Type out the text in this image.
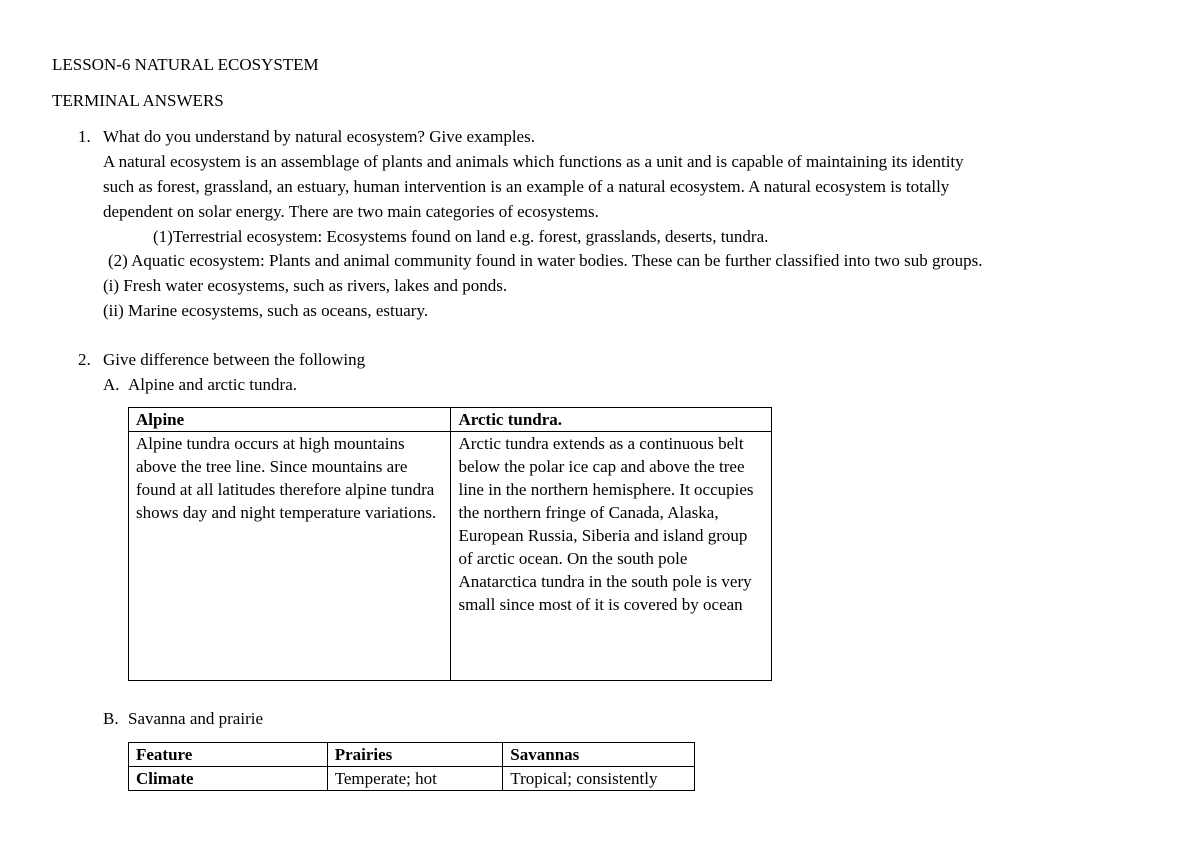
LESSON-6 NATURAL ECOSYSTEM
TERMINAL ANSWERS
1. What do you understand by natural ecosystem? Give examples.
A natural ecosystem is an assemblage of plants and animals which functions as a unit and is capable of maintaining its identity
such as forest, grassland, an estuary, human intervention is an example of a natural ecosystem. A natural ecosystem is totally
dependent on solar energy. There are two main categories of ecosystems.
(1)Terrestrial ecosystem: Ecosystems found on land e.g. forest, grasslands, deserts, tundra.
(2) Aquatic ecosystem: Plants and animal community found in water bodies. These can be further classified into two sub groups.
(i) Fresh water ecosystems, such as rivers, lakes and ponds.
(ii) Marine ecosystems, such as oceans, estuary.
2. Give difference between the following
A. Alpine and arctic tundra.
Alpine	Arctic tundra.

Alpine tundra occurs at high mountains above the tree line. Since mountains are found at all latitudes therefore alpine tundra shows day and night temperature variations.	Arctic tundra extends as a continuous belt below the polar ice cap and above the tree line in the northern hemisphere. It occupies the northern fringe of Canada, Alaska, European Russia, Siberia and island group of arctic ocean. On the south pole Anatarctica tundra in the south pole is very small since most of it is covered by ocean
B. Savanna and prairie
Feature	Prairies	Savannas
Climate	Temperate; hot	Tropical; consistently
